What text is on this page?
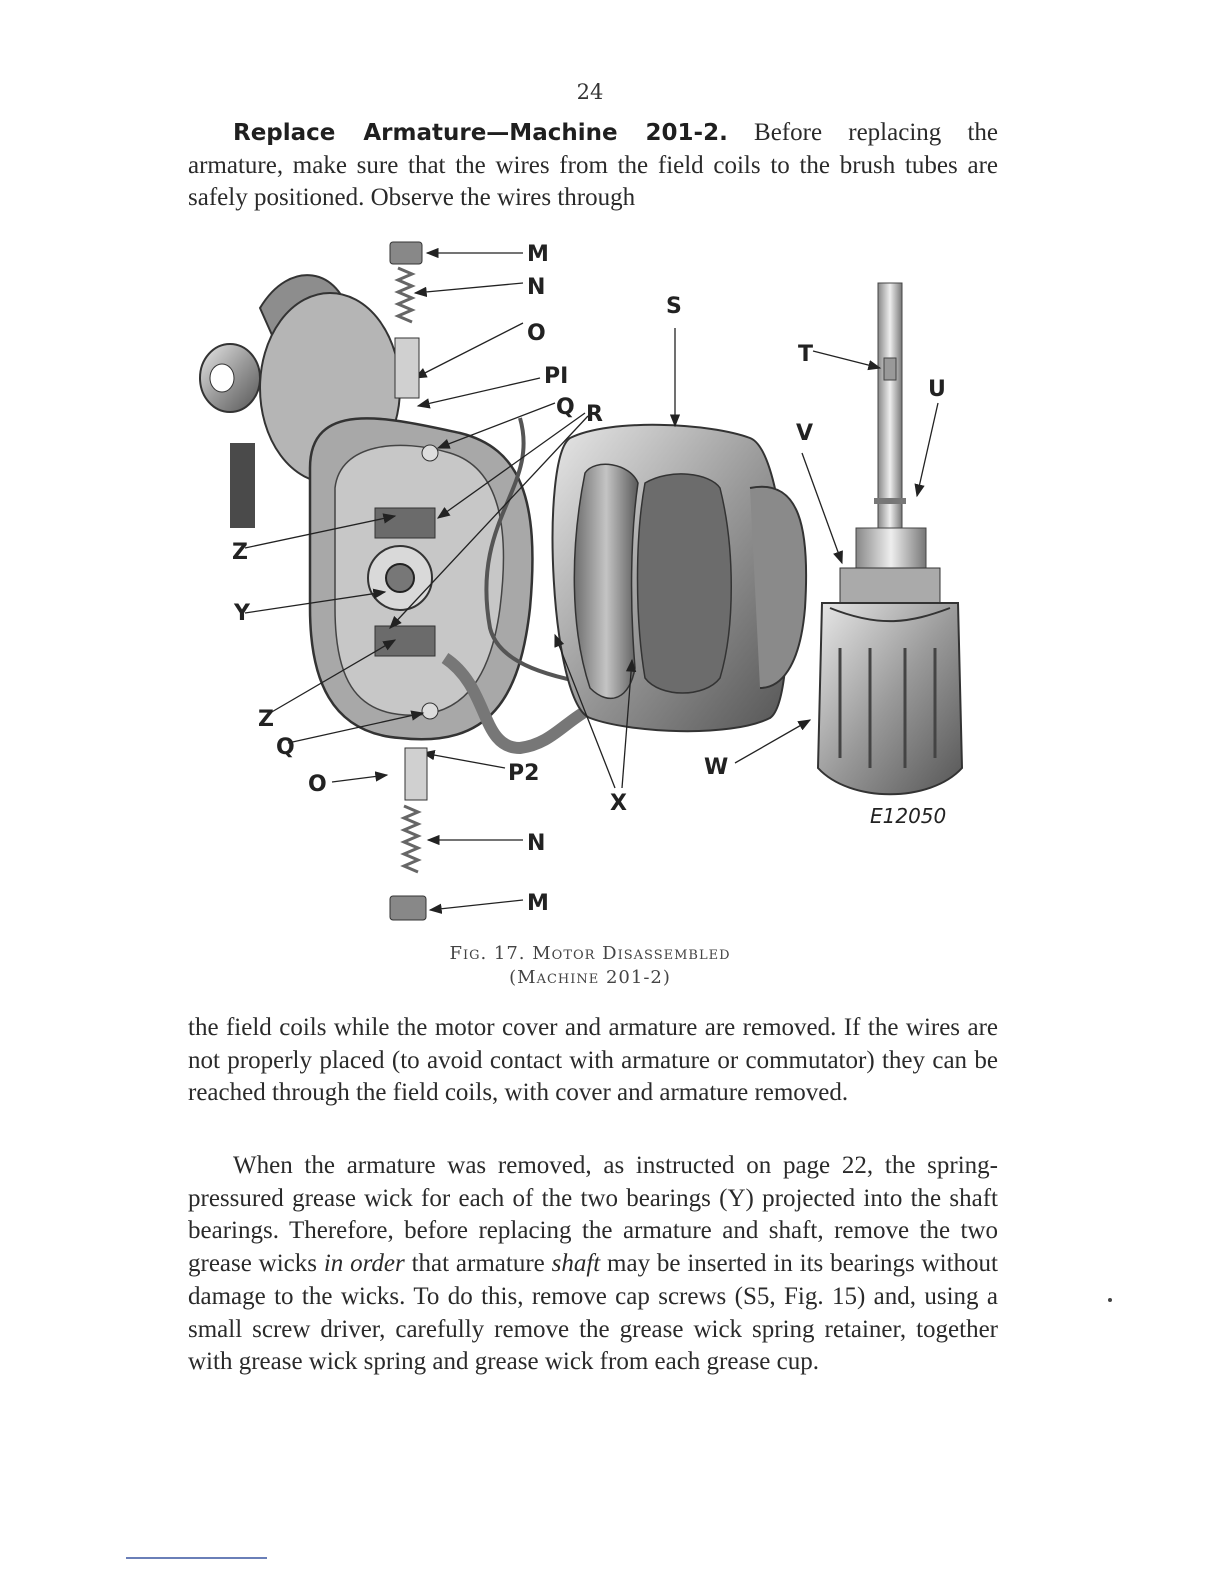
24

Replace Armature—Machine 201-2. Before replacing the armature, make sure that the wires from the field coils to the brush tubes are safely positioned. Observe the wires through

E12050
M
N
O
PI
Q R
S
T
U
V
Z
Y
Z
Q
O	P2
X
W
N
M
Fig. 17. Motor Disassembled
(Machine 201-2)

the field coils while the motor cover and armature are removed. If the wires are not properly placed (to avoid contact with armature or commutator) they can be reached through the field coils, with cover and armature removed.

When the armature was removed, as instructed on page 22, the spring-pressured grease wick for each of the two bearings (Y) projected into the shaft bearings. Therefore, before replacing the armature and shaft, remove the two grease wicks in order that armature shaft may be inserted in its bearings without damage to the wicks. To do this, remove cap screws (S5, Fig. 15) and, using a small screw driver, carefully remove the grease wick spring retainer, together with grease wick spring and grease wick from each grease cup.
